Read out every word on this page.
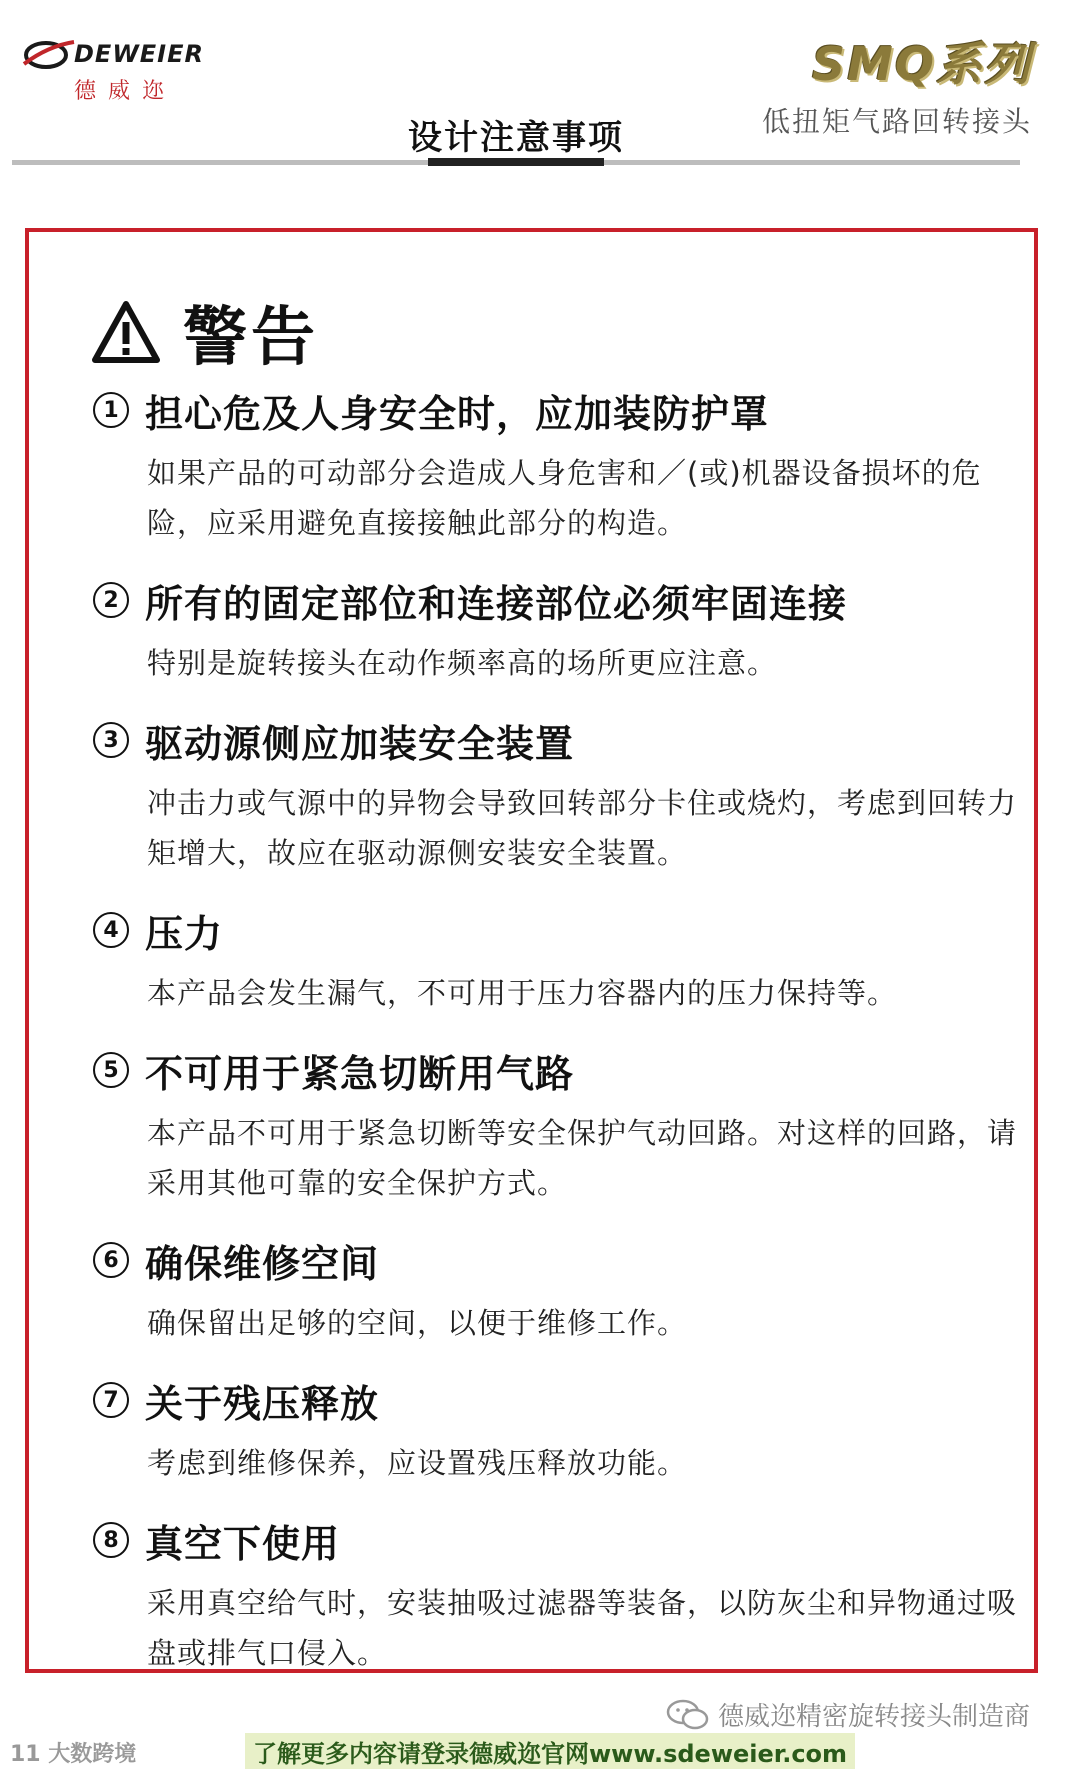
DEWEIER
德威迩
SMQ系列
低扭矩气路回转接头
设计注意事项
警告
1 担心危及人身安全时，应加装防护罩
如果产品的可动部分会造成人身危害和／(或)机器设备损坏的危险，应采用避免直接接触此部分的构造。
2 所有的固定部位和连接部位必须牢固连接
特别是旋转接头在动作频率高的场所更应注意。
3 驱动源侧应加装安全装置
冲击力或气源中的异物会导致回转部分卡住或烧灼，考虑到回转力矩增大，故应在驱动源侧安装安全装置。
4 压力
本产品会发生漏气，不可用于压力容器内的压力保持等。
5 不可用于紧急切断用气路
本产品不可用于紧急切断等安全保护气动回路。对这样的回路，请采用其他可靠的安全保护方式。
6 确保维修空间
确保留出足够的空间，以便于维修工作。
7 关于残压释放
考虑到维修保养，应设置残压释放功能。
8 真空下使用
采用真空给气时，安装抽吸过滤器等装备，以防灰尘和异物通过吸盘或排气口侵入。
德威迩精密旋转接头制造商
11 大数跨境	了解更多内容请登录德威迩官网www.sdeweier.com
